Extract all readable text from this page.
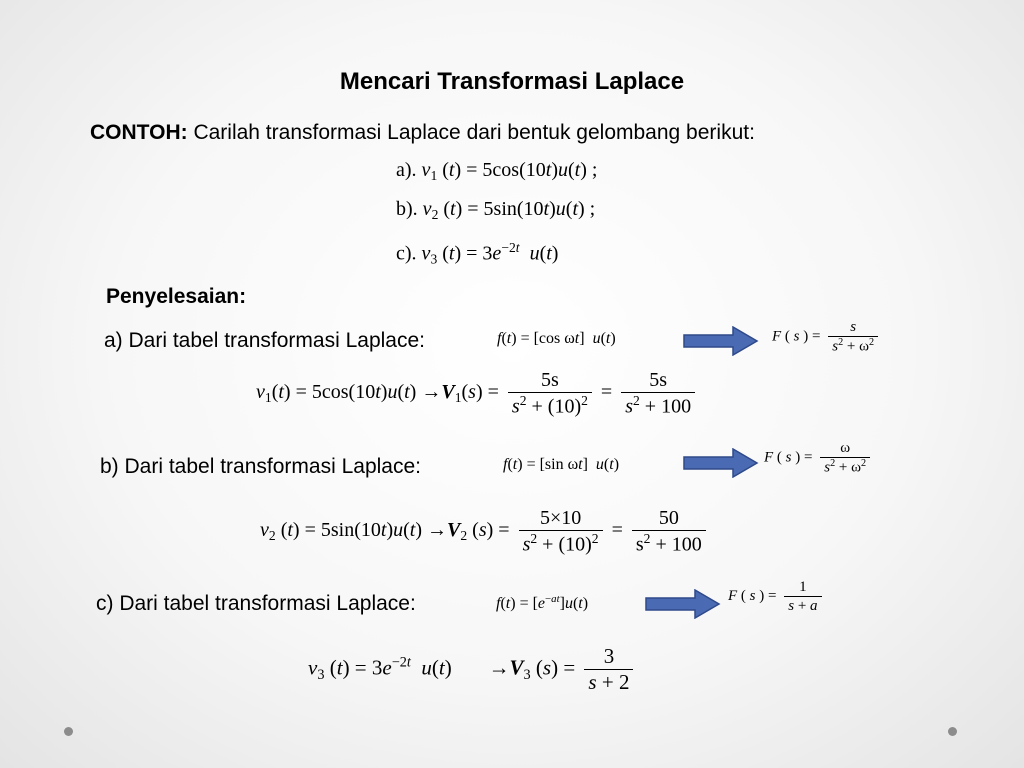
Mencari Transformasi Laplace
CONTOH: Carilah transformasi Laplace dari bentuk gelombang berikut:
a). $v_1$ (t) = 5cos(10t)u(t) ;
b). $v_2$ (t) = 5sin(10t)u(t) ;
c). $v_3$ $(t) = 3e^{-2t}$ u(t)
Penyelesaian:
a) Dari tabel transformasi Laplace:	f(t) = [cos ωt]  u(t)	F ( s ) = $\frac{s}{s^2 + \omega^2}$
$v_1(t) = 5\cos(10t)u(t) \to V_1(s) = \frac{5s}{s^2 + (10)^2} = \frac{5s}{s^2 + 100}$
b) Dari tabel transformasi Laplace:	f(t) = [sin ωt]  u(t)	F ( s ) = $\frac{\omega}{s^2 + \omega^2}$
$v_2$ $(t) = 5\sin(10t)u(t) \to V_2$ $(s) = \frac{5\times 10}{s^2 + (10)^2} = \frac{50}{s^2 + 100}$
c) Dari tabel transformasi Laplace:	$f(t) = [e^{-at}]u(t)$	F ( s ) = $\frac{1}{s + a}$
$v_3$ $(t) = 3e^{-2t}$ u(t)       $\to V_3$ $(s) = \frac{3}{s + 2}$
